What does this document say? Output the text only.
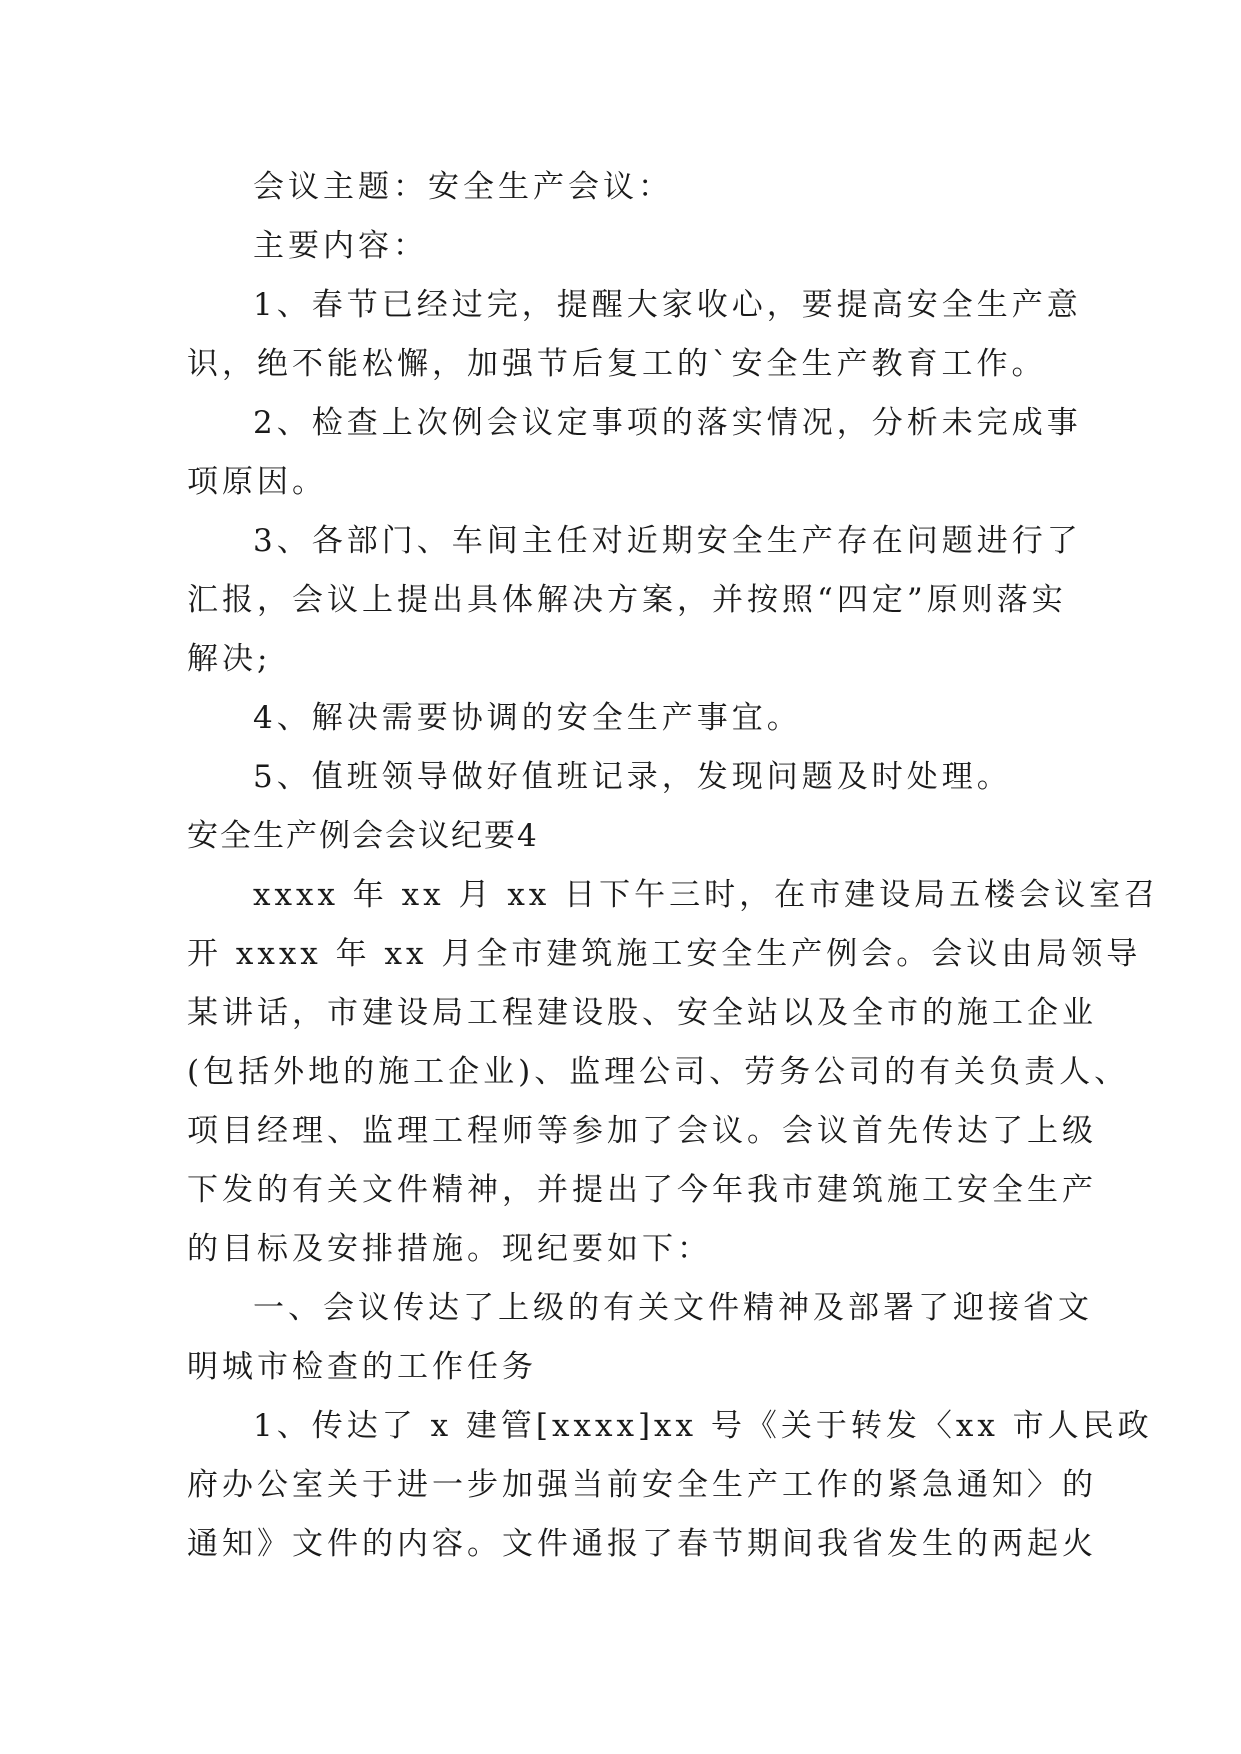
会议主题：安全生产会议：
主要内容：
1、春节已经过完，提醒大家收心，要提高安全生产意
识，绝不能松懈，加强节后复工的`安全生产教育工作。
2、检查上次例会议定事项的落实情况，分析未完成事
项原因。
3、各部门、车间主任对近期安全生产存在问题进行了
汇报，会议上提出具体解决方案，并按照“四定”原则落实
解决;
4、解决需要协调的安全生产事宜。
5、值班领导做好值班记录，发现问题及时处理。
安全生产例会会议纪要4
xxxx 年 xx 月 xx 日下午三时，在市建设局五楼会议室召
开 xxxx 年 xx 月全市建筑施工安全生产例会。会议由局领导
某讲话，市建设局工程建设股、安全站以及全市的施工企业
(包括外地的施工企业)、监理公司、劳务公司的有关负责人、
项目经理、监理工程师等参加了会议。会议首先传达了上级
下发的有关文件精神，并提出了今年我市建筑施工安全生产
的目标及安排措施。现纪要如下：
一、会议传达了上级的有关文件精神及部署了迎接省文
明城市检查的工作任务
1、传达了 x 建管[xxxx]xx 号《关于转发〈xx 市人民政
府办公室关于进一步加强当前安全生产工作的紧急通知〉的
通知》文件的内容。文件通报了春节期间我省发生的两起火
